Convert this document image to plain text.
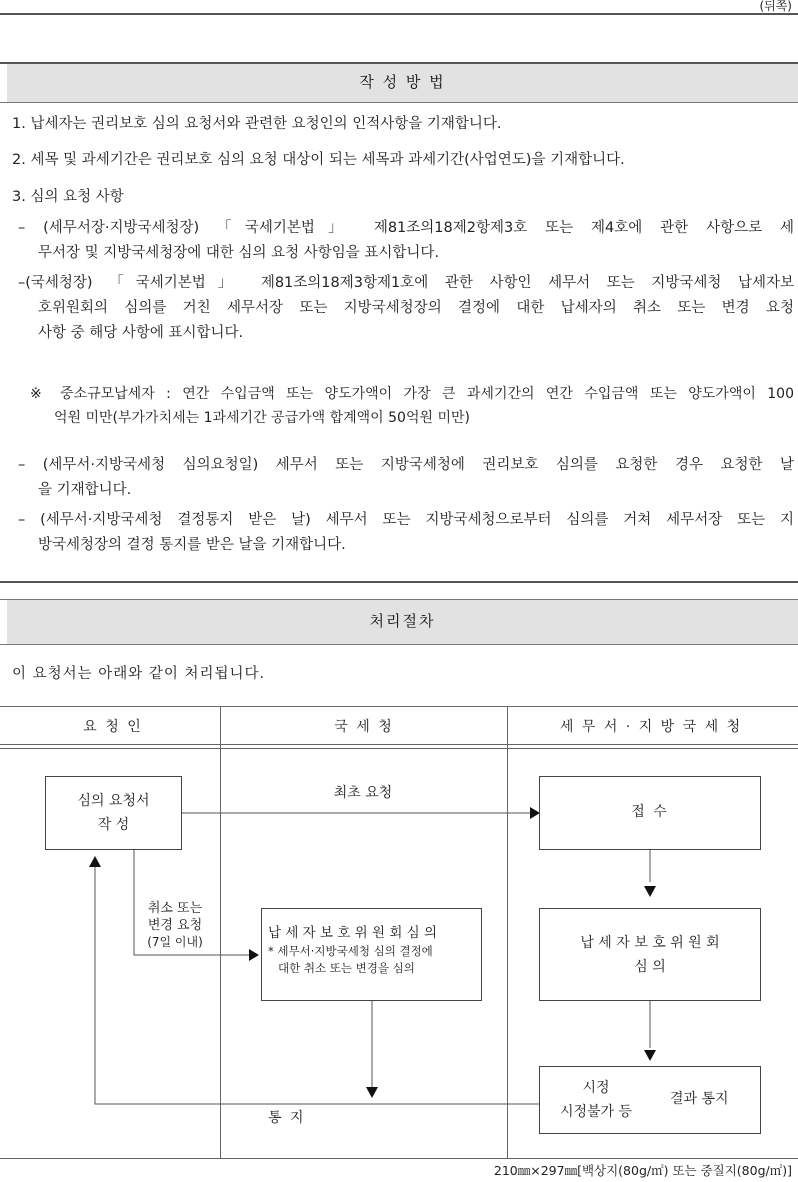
(뒤쪽)
작 성 방 법
1. 납세자는 권리보호 심의 요청서와 관련한 요청인의 인적사항을 기재합니다.
2. 세목 및 과세기간은 권리보호 심의 요청 대상이 되는 세목과 과세기간(사업연도)을 기재합니다.
3. 심의 요청 사항
– (세무서장·지방국세청장) 「국세기본법」 제81조의18제2항제3호 또는 제4호에 관한 사항으로 세
무서장 및 지방국세청장에 대한 심의 요청 사항임을 표시합니다.
–(국세청장) 「국세기본법」 제81조의18제3항제1호에 관한 사항인 세무서 또는 지방국세청 납세자보
호위원회의 심의를 거친 세무서장 또는 지방국세청장의 결정에 대한 납세자의 취소 또는 변경 요청
사항 중 해당 사항에 표시합니다.
※ 중소규모납세자 : 연간 수입금액 또는 양도가액이 가장 큰 과세기간의 연간 수입금액 또는 양도가액이 100
억원 미만(부가가치세는 1과세기간 공급가액 합계액이 50억원 미만)
– (세무서·지방국세청 심의요청일) 세무서 또는 지방국세청에 권리보호 심의를 요청한 경우 요청한 날
을 기재합니다.
– (세무서·지방국세청 결정통지 받은 날) 세무서 또는 지방국세청으로부터 심의를 거쳐 세무서장 또는 지
방국세청장의 결정 통지를 받은 날을 기재합니다.
처리절차
이 요청서는 아래와 같이 처리됩니다.
요 청 인	국 세 청	세 무 서 · 지 방 국 세 청
심의 요청서
작 성
최초 요청
접 수
취소 또는
변경 요청
(7일 이내)
납 세 자 보 호 위 원 회 심 의
* 세무서·지방국세청 심의 결정에
대한 취소 또는 변경을 심의
납 세 자 보 호 위 원 회
심 의
시정
시정불가 등
결과 통지
통 지
210㎜×297㎜[백상지(80g/㎡) 또는 중질지(80g/㎡)]
